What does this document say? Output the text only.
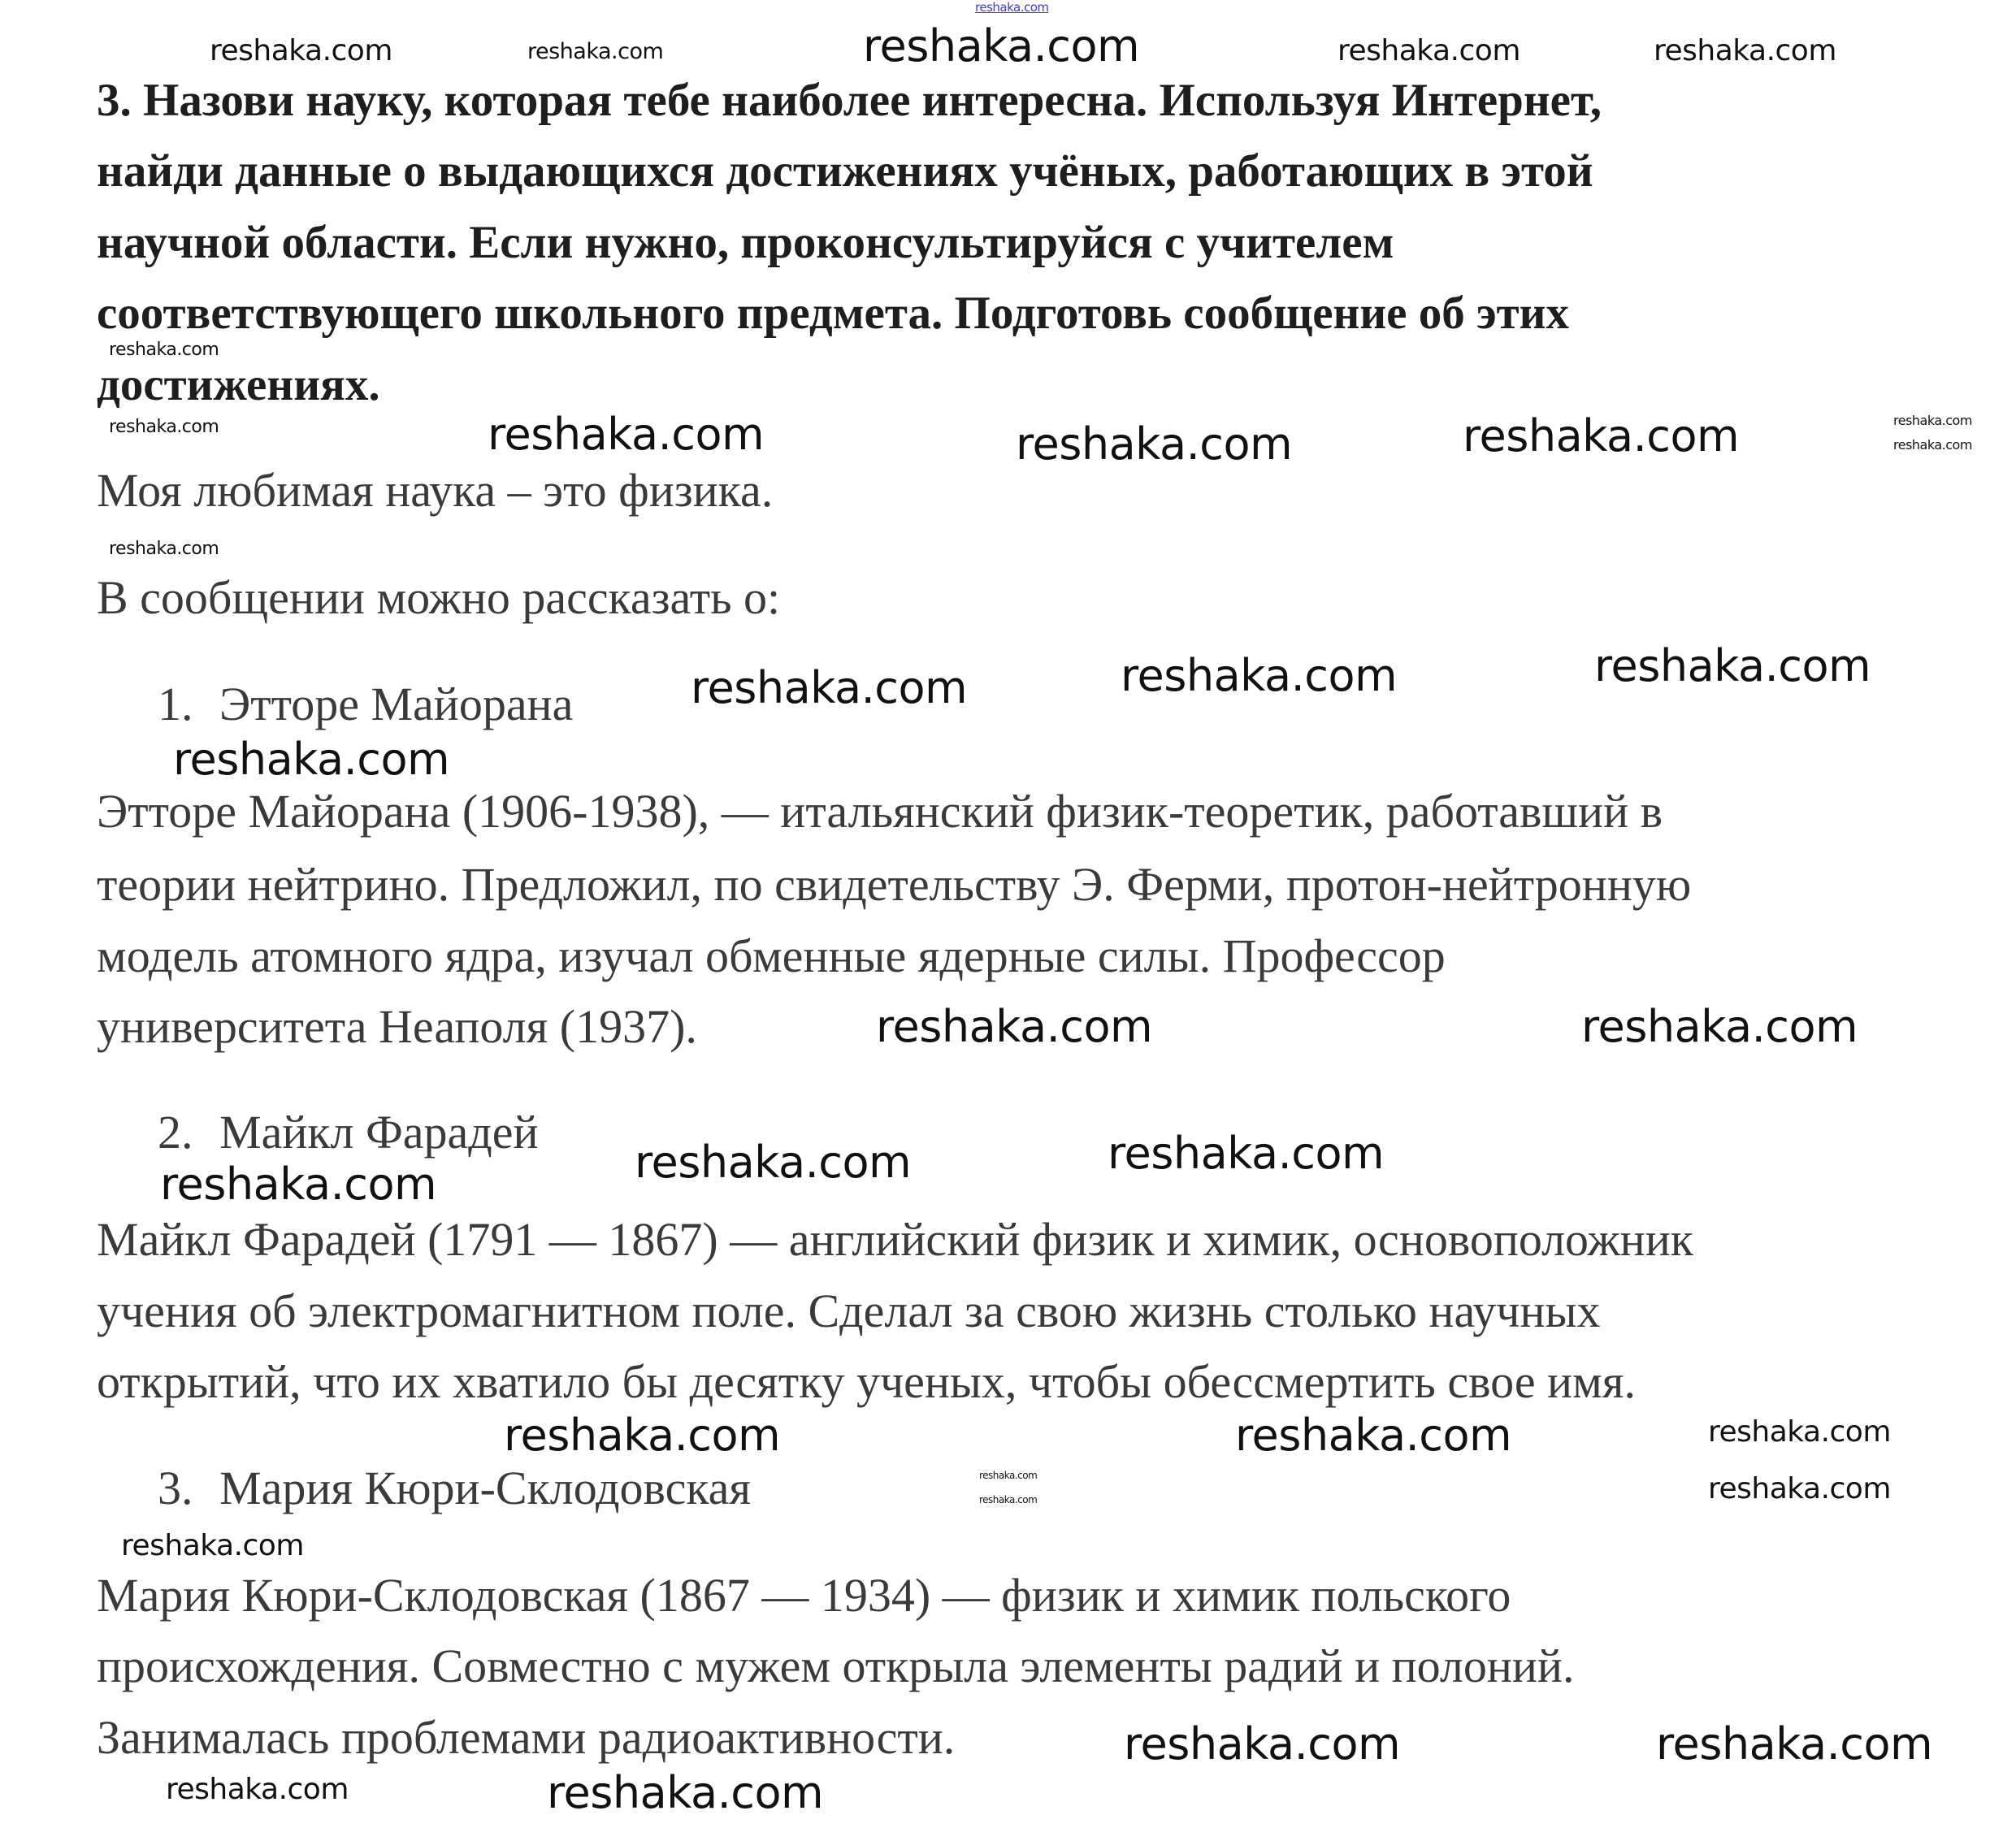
3. Назови науку, которая тебе наиболее интересна. Используя Интернет,
найди данные о выдающихся достижениях учёных, работающих в этой
научной области. Если нужно, проконсультируйся с учителем
соответствующего школьного предмета. Подготовь сообщение об этих
достижениях.
Моя любимая наука – это физика.
В сообщении можно рассказать о:
1. Этторе Майорана
Этторе Майорана (1906-1938), — итальянский физик-теоретик, работавший в
теории нейтрино. Предложил, по свидетельству Э. Ферми, протон-нейтронную
модель атомного ядра, изучал обменные ядерные силы. Профессор
университета Неаполя (1937).
2. Майкл Фарадей
Майкл Фарадей (1791 — 1867) — английский физик и химик, основоположник
учения об электромагнитном поле. Сделал за свою жизнь столько научных
открытий, что их хватило бы десятку ученых, чтобы обессмертить свое имя.
3. Мария Кюри-Склодовская
Мария Кюри-Склодовская (1867 — 1934) — физик и химик польского
происхождения. Совместно с мужем открыла элементы радий и полоний.
Занималась проблемами радиоактивности.
reshaka.com
reshaka.com	reshaka.com	reshaka.com	reshaka.com	reshaka.com
reshaka.com
reshaka.com
reshaka.com
reshaka.com	reshaka.com	reshaka.com	reshaka.com
reshaka.com
reshaka.com	reshaka.com	reshaka.com
reshaka.com
reshaka.com	reshaka.com
reshaka.com	reshaka.com	reshaka.com
reshaka.com
reshaka.com
reshaka.com
reshaka.com
reshaka.com
reshaka.com
reshaka.com
reshaka.com	reshaka.com
reshaka.com	reshaka.com
